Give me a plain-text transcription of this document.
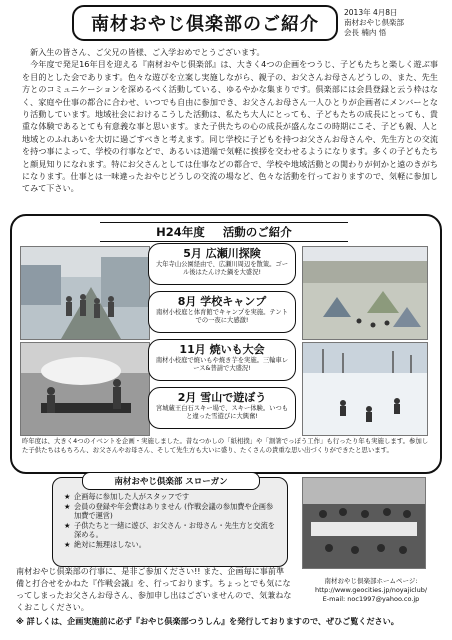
南材おやじ倶楽部のご紹介
2013年 4月8日
南材おやじ倶楽部
会長 楠内 悟

新入生の皆さん、ご父兄の皆様、ご入学おめでとうございます。

今年度で発足16年目を迎える『南材おやじ倶楽部』は、大きく4つの企画をつうじ、子どもたちと楽しく遊ぶ事を目的とした会であります。色々な遊びを立案し実施しながら、親子の、お父さんお母さんどうしの、また、先生方とのコミュニケーションを深めるべく活動している、ゆるやかな集まりです。倶楽部には会員登録と云う枠はなく、家庭や仕事の都合に合わせ、いつでも自由に参加でき、お父さんお母さん一人ひとりが企画者にメンバーとなり活動しています。地域社会におけるこうした活動は、私たち大人にとっても、子どもたちの成長にとっても、貴重な体験であるとても有意義な事と思います。また子供たちの心の成長が盛んなこの時期にこそ、子ども親、人と地域とのふれあいを大切に過ごすべきと考えます。同じ学校に子どもを持つお父さんお母さんや、先生方との交流を持つ事によって、学校の行事などで、あるいは道端で気軽に挨拶を交わせるようになります。多くの子どもたちと顔見知りになれます。特にお父さんとしては仕事などの都合で、学校や地域活動との関わりが何かと遠のきがちになります。仕事とは一味違ったおやじどうしの交流の場など、色々な活動を行っておりますので、気軽に参加してみて下さい。

H24年度 活動のご紹介
5月 広瀬川探険
大年寺山公園経由で、広瀬川周辺を散策。ゴール後はたんけた鍋を大盛況!
8月 学校キャンプ
南材小校庭と体育館でキャンプを実施。テントでの一夜に大感激!
11月 焼いも大会
南材小校庭で焼いもや焼き芋を実施。三輪車レース&普請で大盛況!
2月 雪山で遊ぼう
宮城蔵王白石スキー場で、スキー体験。いつもと違った雪遊びに大興奮!
昨年度は、大きく4つのイベントを企画・実施しました。昔なつかしの「紙相撲」や「割箸でっぽう工作」も行ったり年も実施します。参加した子供たちはもちろん、お父さんやお母さん、そして先生方も大いに盛り、たくさんの貴重な思い出づくりができたと思います。
南材おやじ倶楽部 スローガン
★ 企画毎に参加した人がスタッフです
★ 会員の登録や年会費はありません (作戦会議の参加費や企画参加費で運営)
★ 子供たちと一緒に遊び、お父さん・お母さん・先生方と交流を深める。
★ 絶対に無理はしない。
南材おやじ倶楽部ホームページ:
http://www.geocities.jp/noyajiclub/
E-mail: noc1997@yahoo.co.jp
南材おやじ倶楽部の行事に、是非ご参加ください!! また、企画毎に事前準備と打合せをかねた『作戦会議』を、行っております。ちょっとでも気になってしまったお父さんお母さん、参加申し出はございませんので、気兼ねなくおこしください。
※ 詳しくは、企画実施前に必ず『おやじ倶楽部つうしん』を発行しておりますので、ぜひご覧ください。
